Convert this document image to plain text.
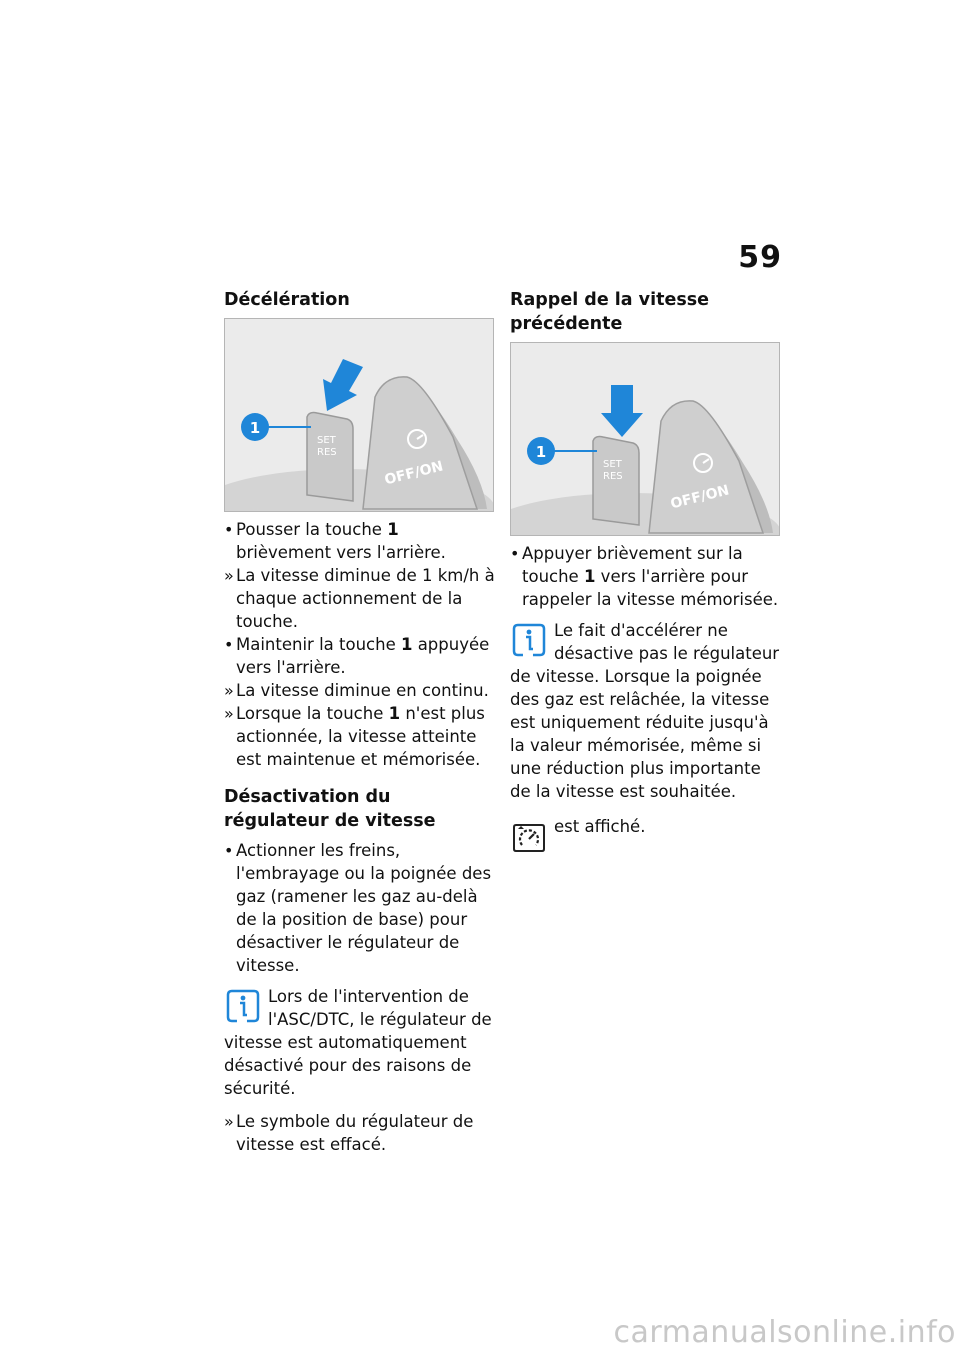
59
Décélération
1
SET
RES
OFF/ON
• Pousser la touche 1 brièvement vers l'arrière.
» La vitesse diminue de 1 km/h à chaque actionnement de la touche.
• Maintenir la touche 1 appuyée vers l'arrière.
» La vitesse diminue en continu.
» Lorsque la touche 1 n'est plus actionnée, la vitesse atteinte est maintenue et mémorisée.
Désactivation du régulateur de vitesse
• Actionner les freins, l'embrayage ou la poignée des gaz (ramener les gaz au-delà de la position de base) pour désactiver le régulateur de vitesse.
Lors de l'intervention de l'ASC/DTC, le régulateur de vitesse est automatiquement désactivé pour des raisons de sécurité.
» Le symbole du régulateur de vitesse est effacé.
Rappel de la vitesse précédente
1
SET
RES
OFF/ON
• Appuyer brièvement sur la touche 1 vers l'arrière pour rappeler la vitesse mémorisée.
Le fait d'accélérer ne désactive pas le régulateur de vitesse. Lorsque la poignée des gaz est relâchée, la vitesse est uniquement réduite jusqu'à la valeur mémorisée, même si une réduction plus importante de la vitesse est souhaitée.
est affiché.
carmanualsonline.info
